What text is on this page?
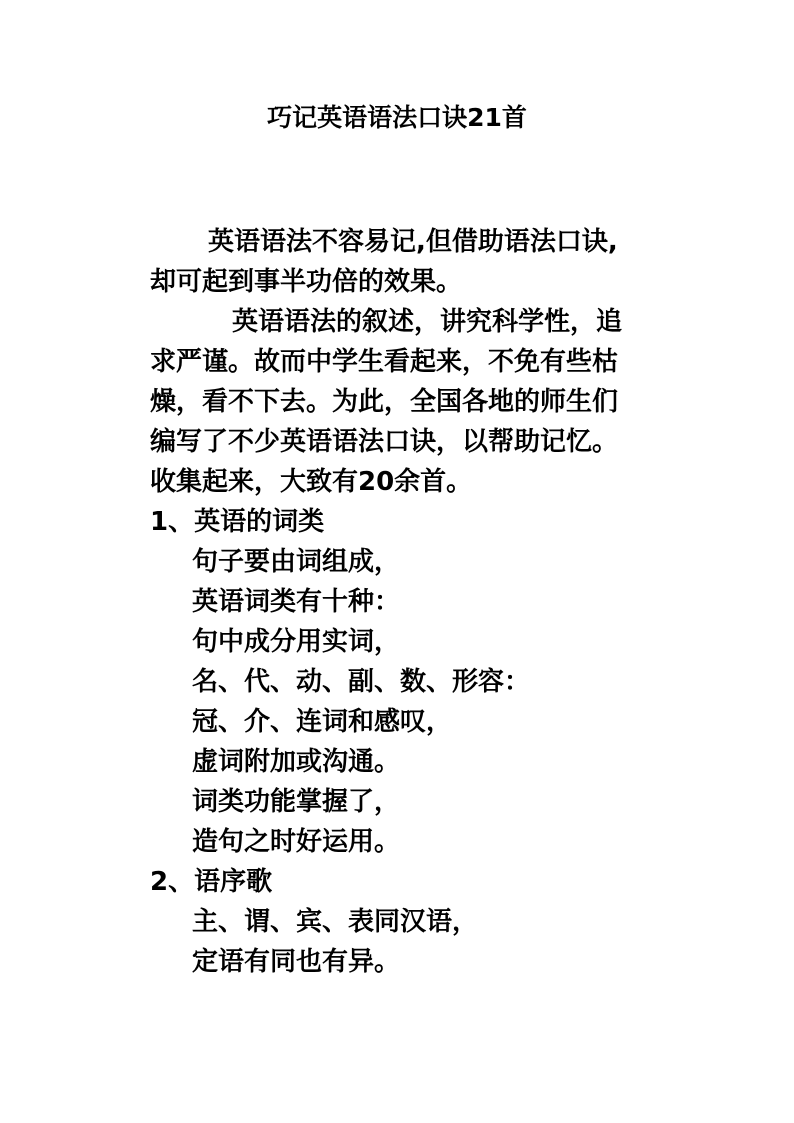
巧记英语语法口诀21首
英语语法不容易记,但借助语法口诀,
却可起到事半功倍的效果。
英语语法的叙述，讲究科学性，追
求严谨。故而中学生看起来，不免有些枯
燥，看不下去。为此，全国各地的师生们
编写了不少英语语法口诀，以帮助记忆。
收集起来，大致有20余首。
1、英语的词类
句子要由词组成，
英语词类有十种：
句中成分用实词，
名、代、动、副、数、形容：
冠、介、连词和感叹，
虚词附加或沟通。
词类功能掌握了，
造句之时好运用。
2、语序歌
主、谓、宾、表同汉语，
定语有同也有异。
